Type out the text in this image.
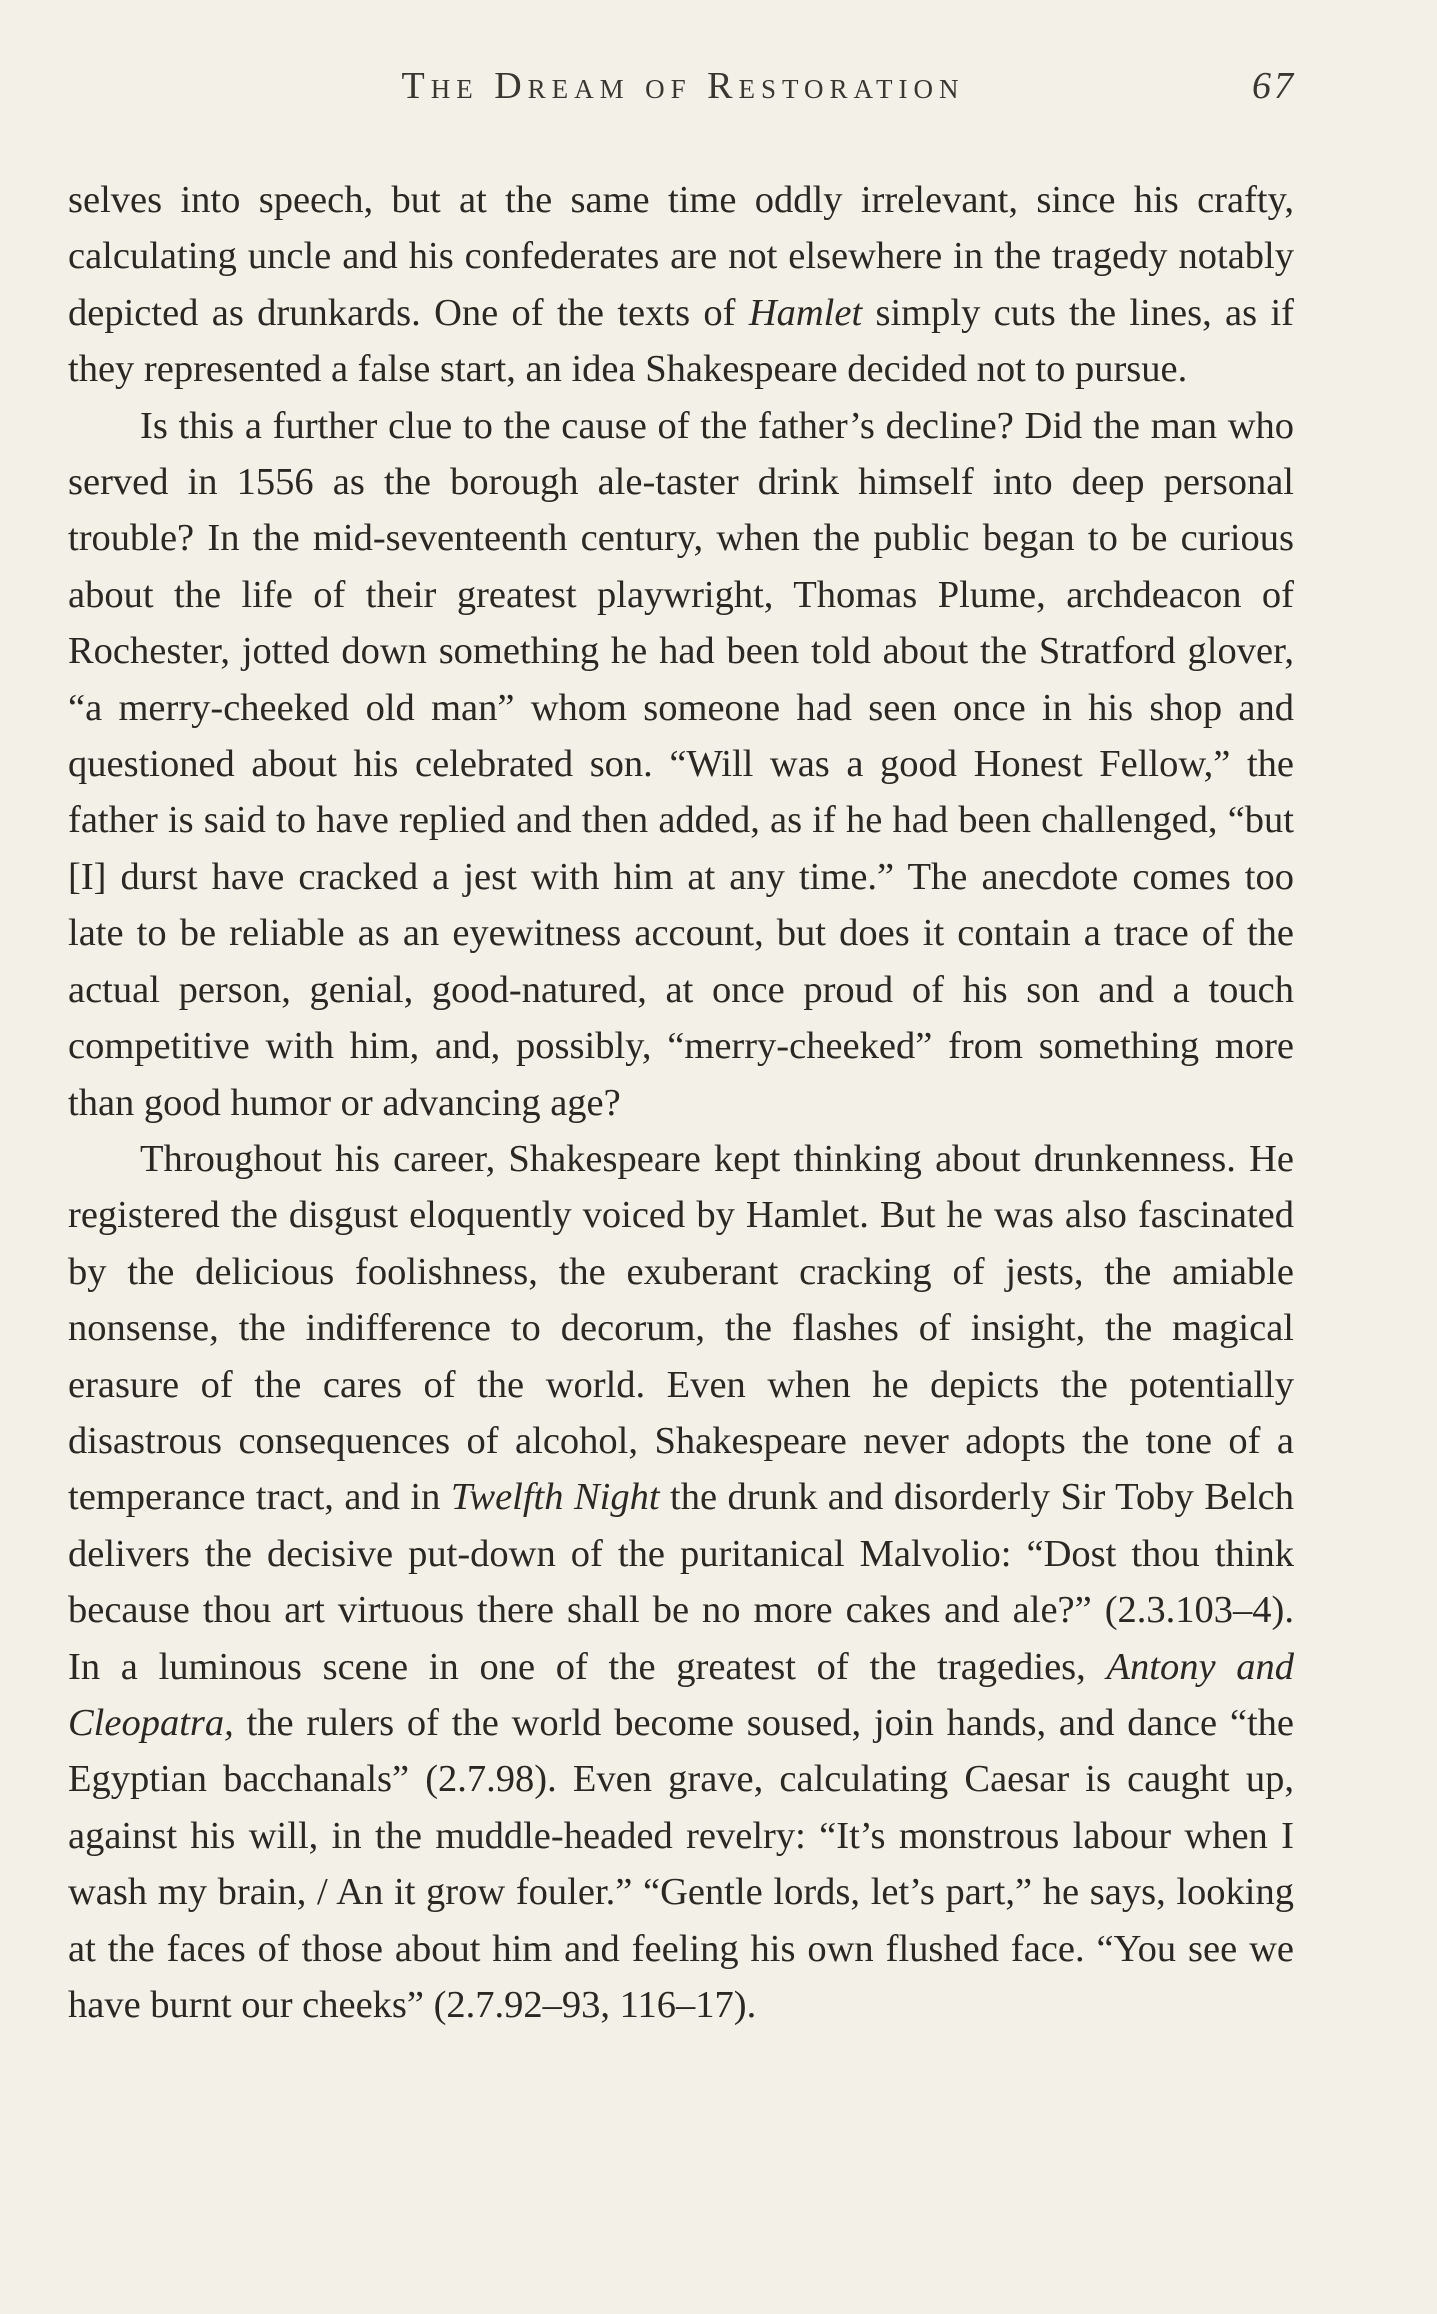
The Dream of Restoration	67

selves into speech, but at the same time oddly irrelevant, since his crafty, calculating uncle and his confederates are not elsewhere in the tragedy notably depicted as drunkards. One of the texts of Hamlet simply cuts the lines, as if they represented a false start, an idea Shakespeare decided not to pursue.

Is this a further clue to the cause of the father’s decline? Did the man who served in 1556 as the borough ale-taster drink himself into deep personal trouble? In the mid-seventeenth century, when the public began to be curious about the life of their greatest playwright, Thomas Plume, archdeacon of Rochester, jotted down something he had been told about the Stratford glover, “a merry-cheeked old man” whom someone had seen once in his shop and questioned about his celebrated son. “Will was a good Honest Fellow,” the father is said to have replied and then added, as if he had been challenged, “but [I] durst have cracked a jest with him at any time.” The anecdote comes too late to be reliable as an eyewitness account, but does it contain a trace of the actual person, genial, good-natured, at once proud of his son and a touch competitive with him, and, possibly, “merry-cheeked” from something more than good humor or advancing age?

Throughout his career, Shakespeare kept thinking about drunkenness. He registered the disgust eloquently voiced by Hamlet. But he was also fascinated by the delicious foolishness, the exuberant cracking of jests, the amiable nonsense, the indifference to decorum, the flashes of insight, the magical erasure of the cares of the world. Even when he depicts the potentially disastrous consequences of alcohol, Shakespeare never adopts the tone of a temperance tract, and in Twelfth Night the drunk and disorderly Sir Toby Belch delivers the decisive put-down of the puritanical Malvolio: “Dost thou think because thou art virtuous there shall be no more cakes and ale?” (2.3.103–4). In a luminous scene in one of the greatest of the tragedies, Antony and Cleopatra, the rulers of the world become soused, join hands, and dance “the Egyptian bacchanals” (2.7.98). Even grave, calculating Caesar is caught up, against his will, in the muddle-headed revelry: “It’s monstrous labour when I wash my brain, / An it grow fouler.” “Gentle lords, let’s part,” he says, looking at the faces of those about him and feeling his own flushed face. “You see we have burnt our cheeks” (2.7.92–93, 116–17).
